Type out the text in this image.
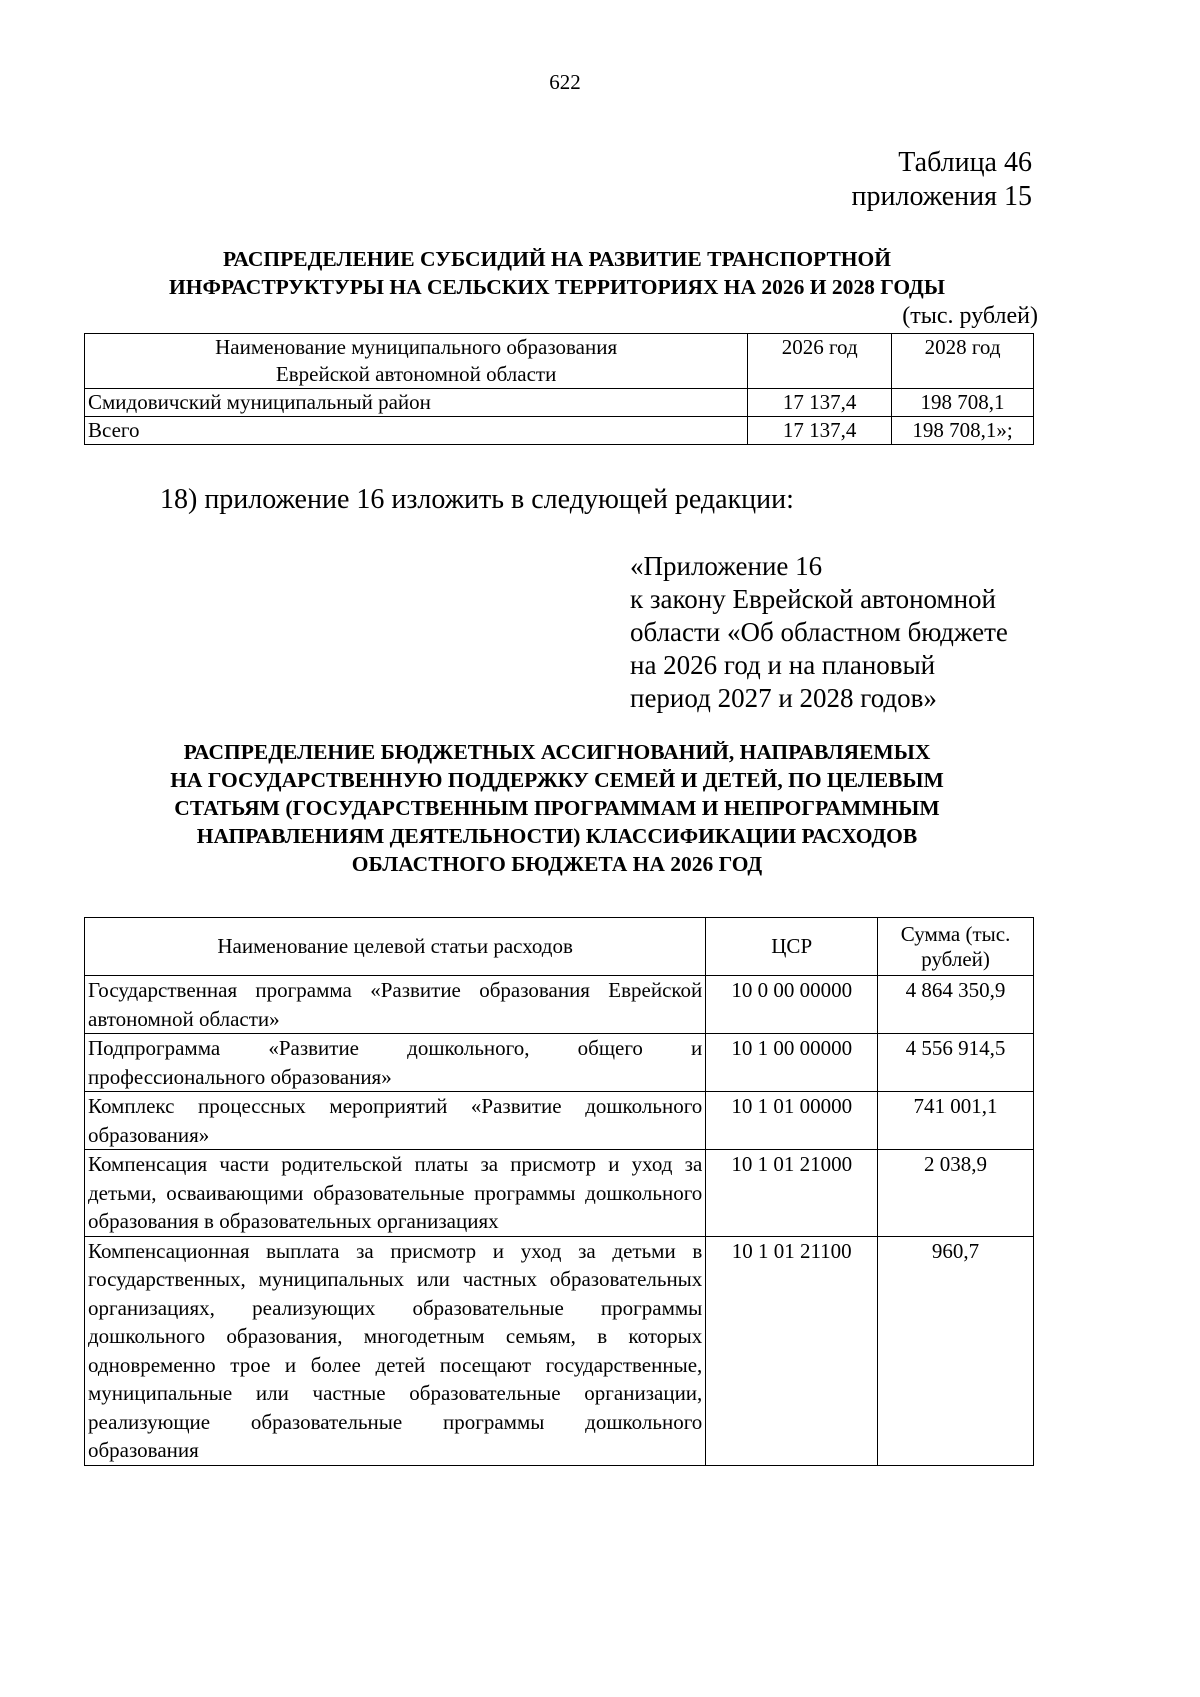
622
Таблица 46
приложения 15
РАСПРЕДЕЛЕНИЕ СУБСИДИЙ НА РАЗВИТИЕ ТРАНСПОРТНОЙ
ИНФРАСТРУКТУРЫ НА СЕЛЬСКИХ ТЕРРИТОРИЯХ НА 2026 И 2028 ГОДЫ
(тыс. рублей)
Наименование муниципального образования
Еврейской автономной области	2026 год	2028 год
Смидовичский муниципальный район	17 137,4	198 708,1
Всего	17 137,4	198 708,1»;
18) приложение 16 изложить в следующей редакции:
«Приложение 16
к закону Еврейской автономной
области «Об областном бюджете
на 2026 год и на плановый
период 2027 и 2028 годов»
РАСПРЕДЕЛЕНИЕ БЮДЖЕТНЫХ АССИГНОВАНИЙ, НАПРАВЛЯЕМЫХ
НА ГОСУДАРСТВЕННУЮ ПОДДЕРЖКУ СЕМЕЙ И ДЕТЕЙ, ПО ЦЕЛЕВЫМ
СТАТЬЯМ (ГОСУДАРСТВЕННЫМ ПРОГРАММАМ И НЕПРОГРАММНЫМ
НАПРАВЛЕНИЯМ ДЕЯТЕЛЬНОСТИ) КЛАССИФИКАЦИИ РАСХОДОВ
ОБЛАСТНОГО БЮДЖЕТА НА 2026 ГОД
Наименование целевой статьи расходов	ЦСР	Сумма (тыс. рублей)
Государственная программа «Развитие образования Еврейской автономной области»	10 0 00 00000	4 864 350,9
Подпрограмма «Развитие дошкольного, общего и профессионального образования»	10 1 00 00000	4 556 914,5
Комплекс процессных мероприятий «Развитие дошкольного образования»	10 1 01 00000	741 001,1
Компенсация части родительской платы за присмотр и уход за детьми, осваивающими образовательные программы дошкольного образования в образовательных организациях	10 1 01 21000	2 038,9
Компенсационная выплата за присмотр и уход за детьми в государственных, муниципальных или частных образовательных организациях, реализующих образовательные программы дошкольного образования, многодетным семьям, в которых одновременно трое и более детей посещают государственные, муниципальные или частные образовательные организации, реализующие образовательные программы дошкольного образования	10 1 01 21100	960,7
